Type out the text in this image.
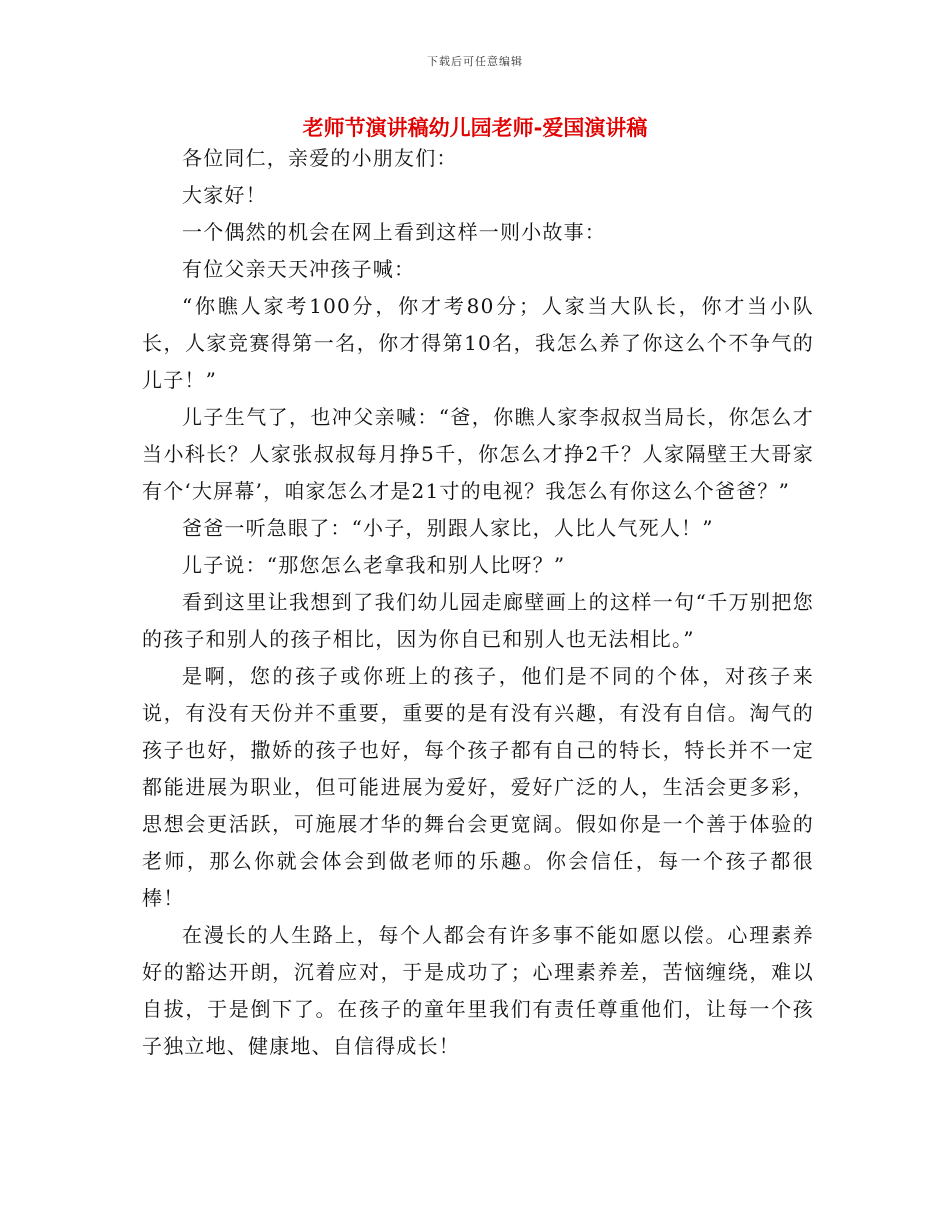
下载后可任意编辑
老师节演讲稿幼儿园老师-爱国演讲稿

各位同仁，亲爱的小朋友们：

大家好！

一个偶然的机会在网上看到这样一则小故事：

有位父亲天天冲孩子喊：

“你瞧人家考100分，你才考80分；人家当大队长，你才当小队长，人家竞赛得第一名，你才得第10名，我怎么养了你这么个不争气的儿子！”

儿子生气了，也冲父亲喊：“爸，你瞧人家李叔叔当局长，你怎么才当小科长？人家张叔叔每月挣5千，你怎么才挣2千？人家隔壁王大哥家有个‘大屏幕’，咱家怎么才是21寸的电视？我怎么有你这么个爸爸？”

爸爸一听急眼了：“小子，别跟人家比，人比人气死人！”

儿子说：“那您怎么老拿我和别人比呀？”

看到这里让我想到了我们幼儿园走廊壁画上的这样一句“千万别把您的孩子和别人的孩子相比，因为你自已和别人也无法相比。”

是啊，您的孩子或你班上的孩子，他们是不同的个体，对孩子来说，有没有天份并不重要，重要的是有没有兴趣，有没有自信。淘气的孩子也好，撒娇的孩子也好，每个孩子都有自己的特长，特长并不一定都能进展为职业，但可能进展为爱好，爱好广泛的人，生活会更多彩，思想会更活跃，可施展才华的舞台会更宽阔。假如你是一个善于体验的老师，那么你就会体会到做老师的乐趣。你会信任，每一个孩子都很棒！

在漫长的人生路上，每个人都会有许多事不能如愿以偿。心理素养好的豁达开朗，沉着应对，于是成功了；心理素养差，苦恼缠绕，难以自拔，于是倒下了。在孩子的童年里我们有责任尊重他们，让每一个孩子独立地、健康地、自信得成长！
